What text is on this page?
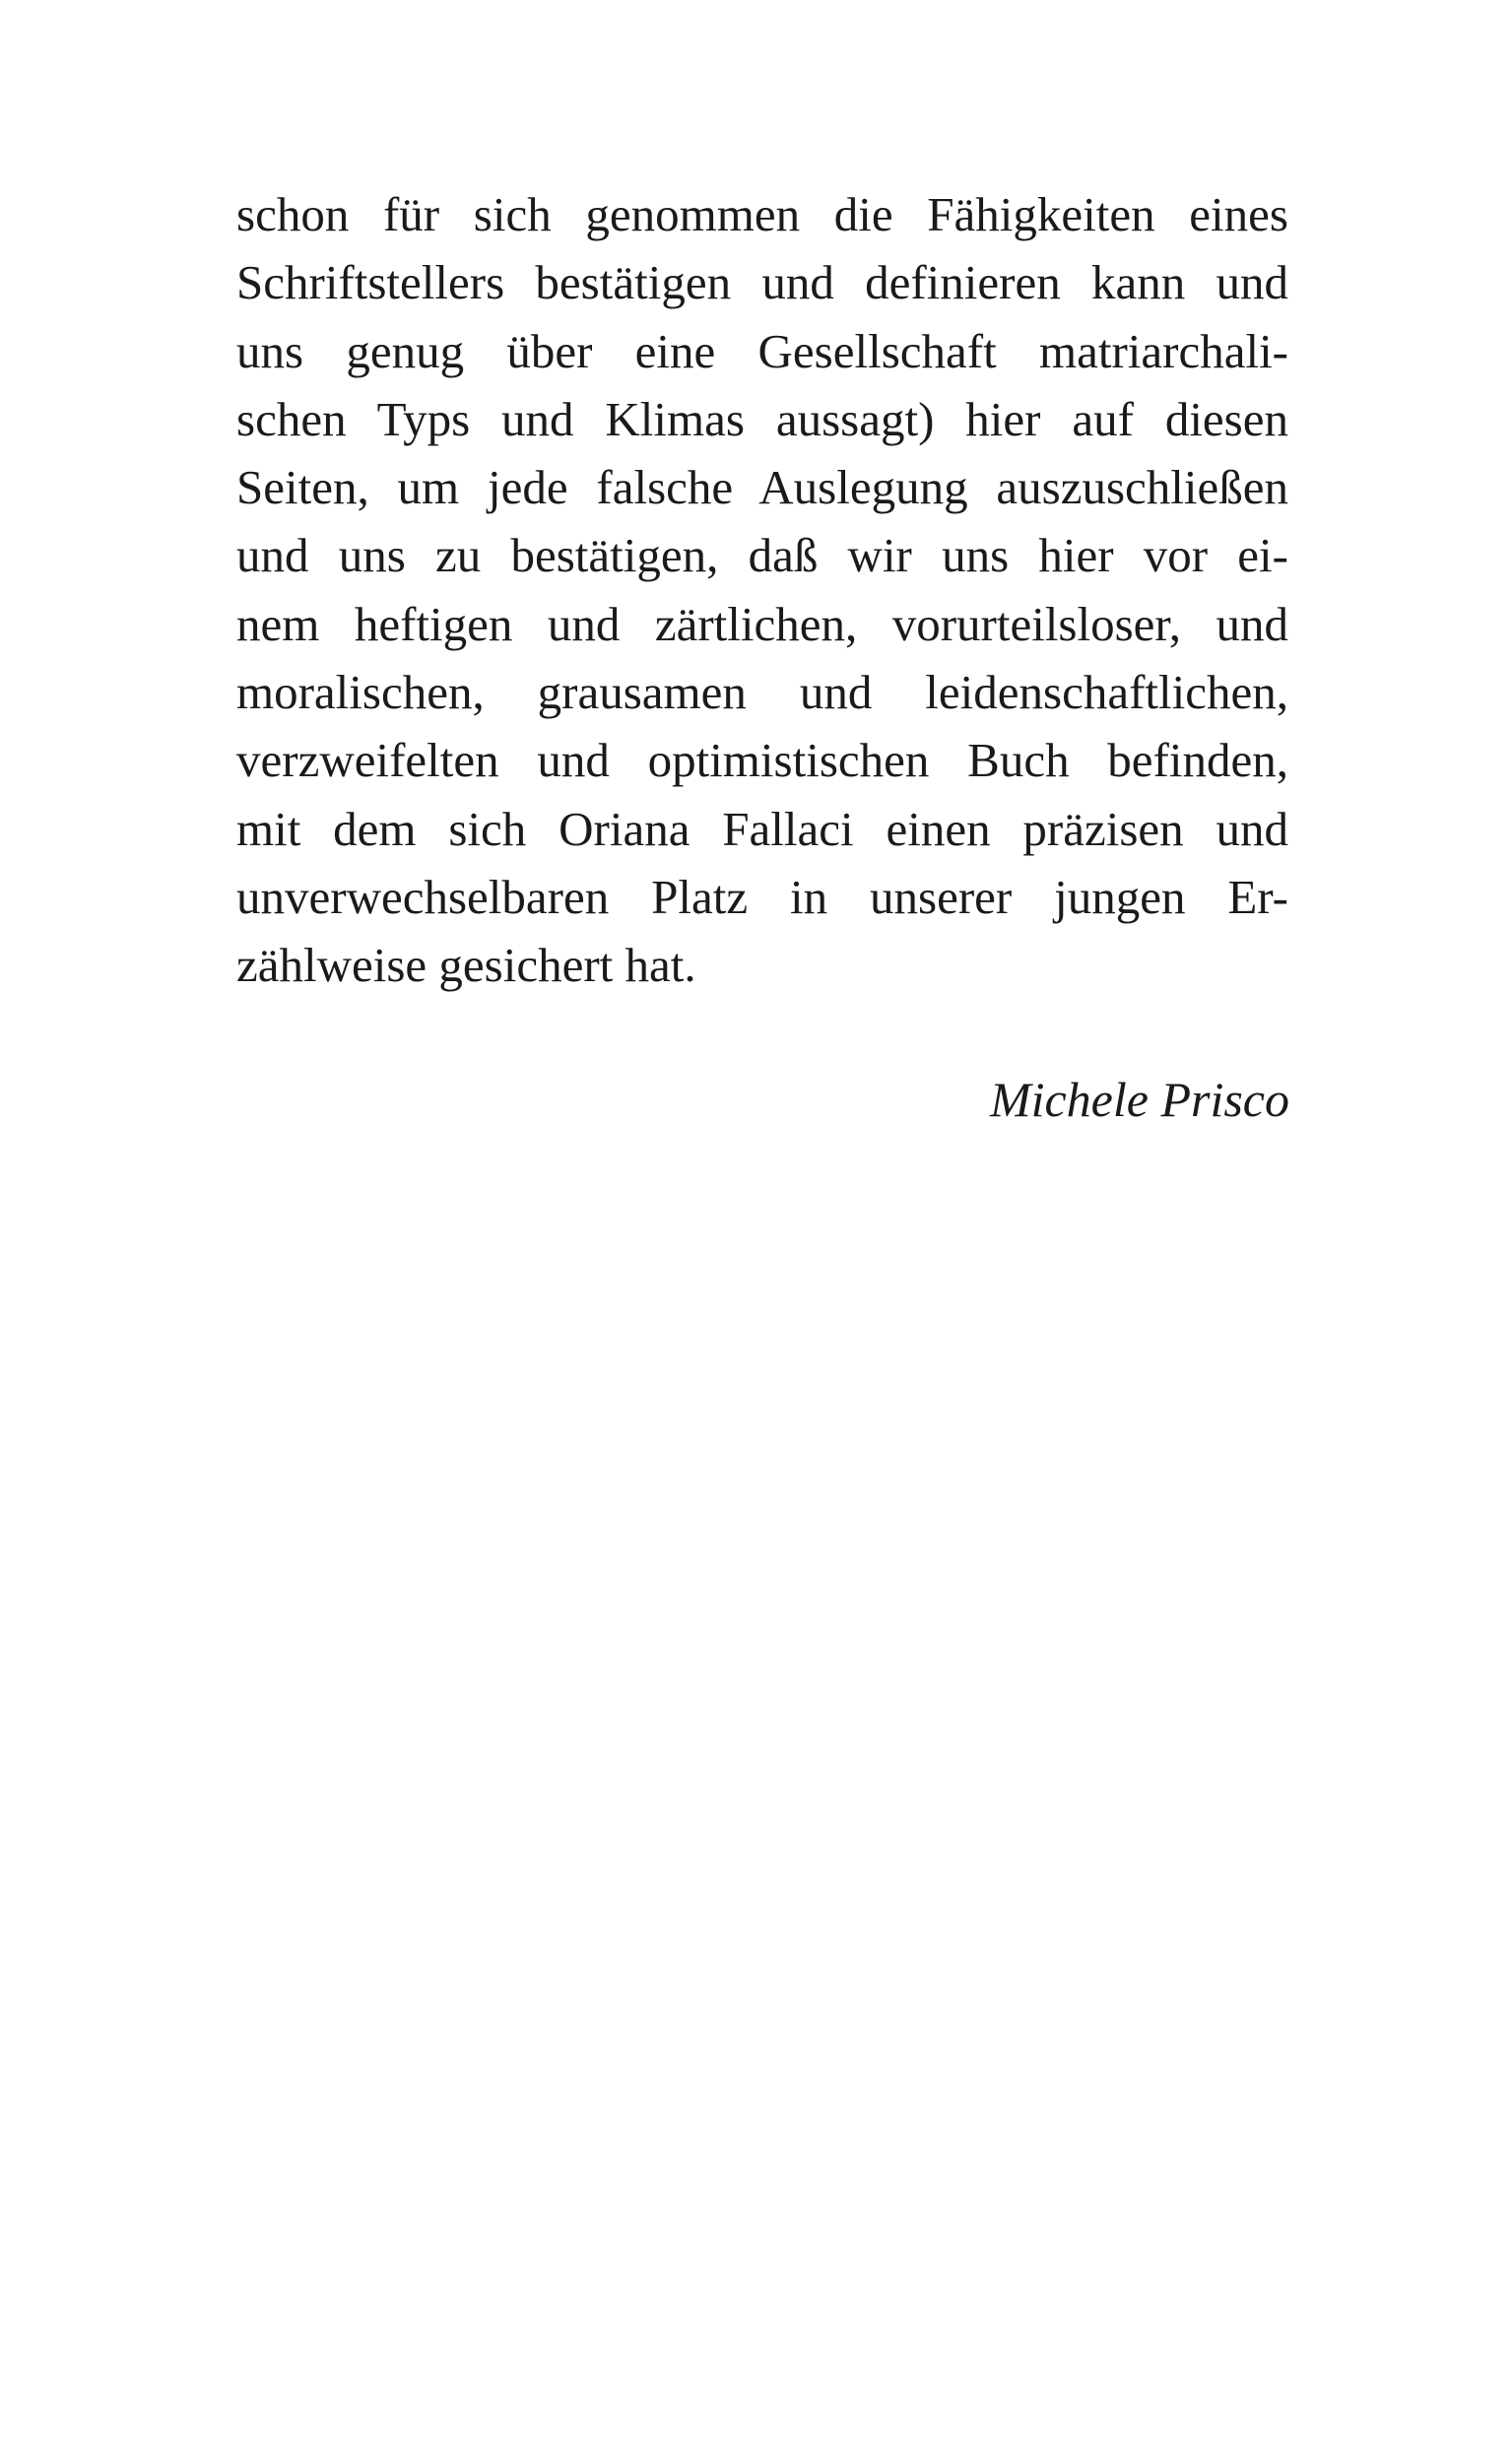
schon für sich genommen die Fähigkeiten eines
Schriftstellers bestätigen und definieren kann und
uns genug über eine Gesellschaft matriarchali-
schen Typs und Klimas aussagt) hier auf diesen
Seiten, um jede falsche Auslegung auszuschließen
und uns zu bestätigen, daß wir uns hier vor ei-
nem heftigen und zärtlichen, vorurteilsloser, und
moralischen, grausamen und leidenschaftlichen,
verzweifelten und optimistischen Buch befinden,
mit dem sich Oriana Fallaci einen präzisen und
unverwechselbaren Platz in unserer jungen Er-
zählweise gesichert hat.
Michele Prisco
